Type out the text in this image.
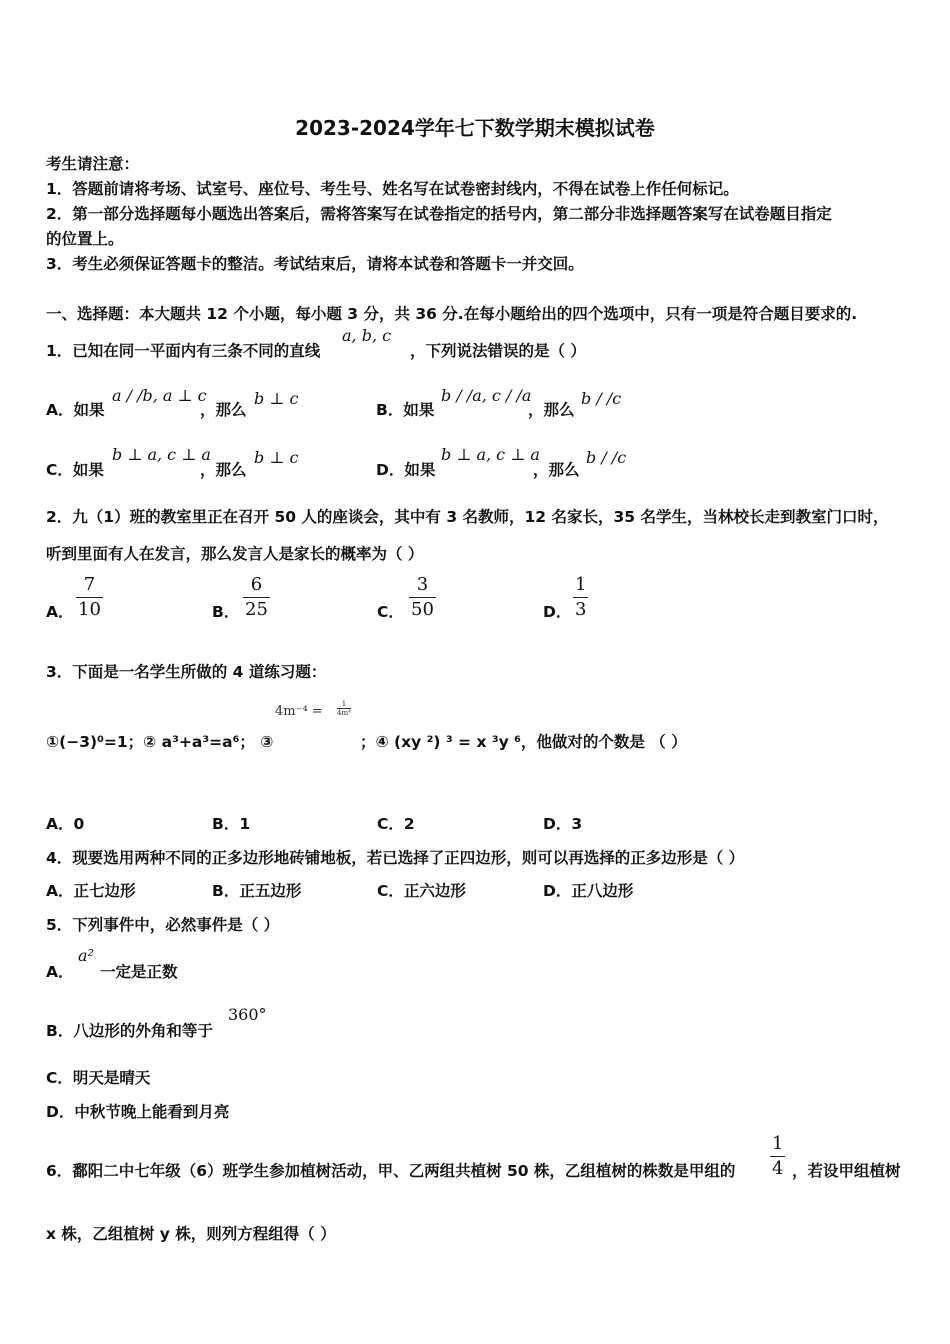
2023-2024学年七下数学期末模拟试卷
考生请注意：
1．答题前请将考场、试室号、座位号、考生号、姓名写在试卷密封线内，不得在试卷上作任何标记。
2．第一部分选择题每小题选出答案后，需将答案写在试卷指定的括号内，第二部分非选择题答案写在试卷题目指定
的位置上。
3．考生必须保证答题卡的整洁。考试结束后，请将本试卷和答题卡一并交回。
一、选择题：本大题共 12 个小题，每小题 3 分，共 36 分.在每小题给出的四个选项中，只有一项是符合题目要求的.
1．已知在同一平面内有三条不同的直线
a, b, c
，下列说法错误的是（ ）
A．如果
a / /b, a ⊥ c
，那么
b ⊥ c
B．如果
b / /a, c / /a
，那么
b / /c
C．如果
b ⊥ a, c ⊥ a
，那么
b ⊥ c
D．如果
b ⊥ a, c ⊥ a
，那么
b / /c
2．九（1）班的教室里正在召开 50 人的座谈会，其中有 3 名教师，12 名家长，35 名学生，当林校长走到教室门口时，
听到里面有人在发言，那么发言人是家长的概率为（ ）
A．
7
10	B．
6
25	C．
3
50	D．
1
3
3．下面是一名学生所做的 4 道练习题：
4m⁻⁴ =	1
4m⁴
①(−3)⁰=1；② a³+a³=a⁶； ③	；④ (xy ²) ³ = x ³y ⁶，他做对的个数是 （ ）
A．0	B．1	C．2	D．3
4．现要选用两种不同的正多边形地砖铺地板，若已选择了正四边形，则可以再选择的正多边形是（ ）
A．正七边形	B．正五边形	C．正六边形	D．正八边形
5．下列事件中，必然事件是（ ）
A．
a²
一定是正数
B．八边形的外角和等于
360°
C．明天是晴天
D．中秋节晚上能看到月亮
6．鄱阳二中七年级（6）班学生参加植树活动，甲、乙两组共植树 50 株，乙组植树的株数是甲组的
1
4 ，若设甲组植树
x 株，乙组植树 y 株，则列方程组得（ ）
